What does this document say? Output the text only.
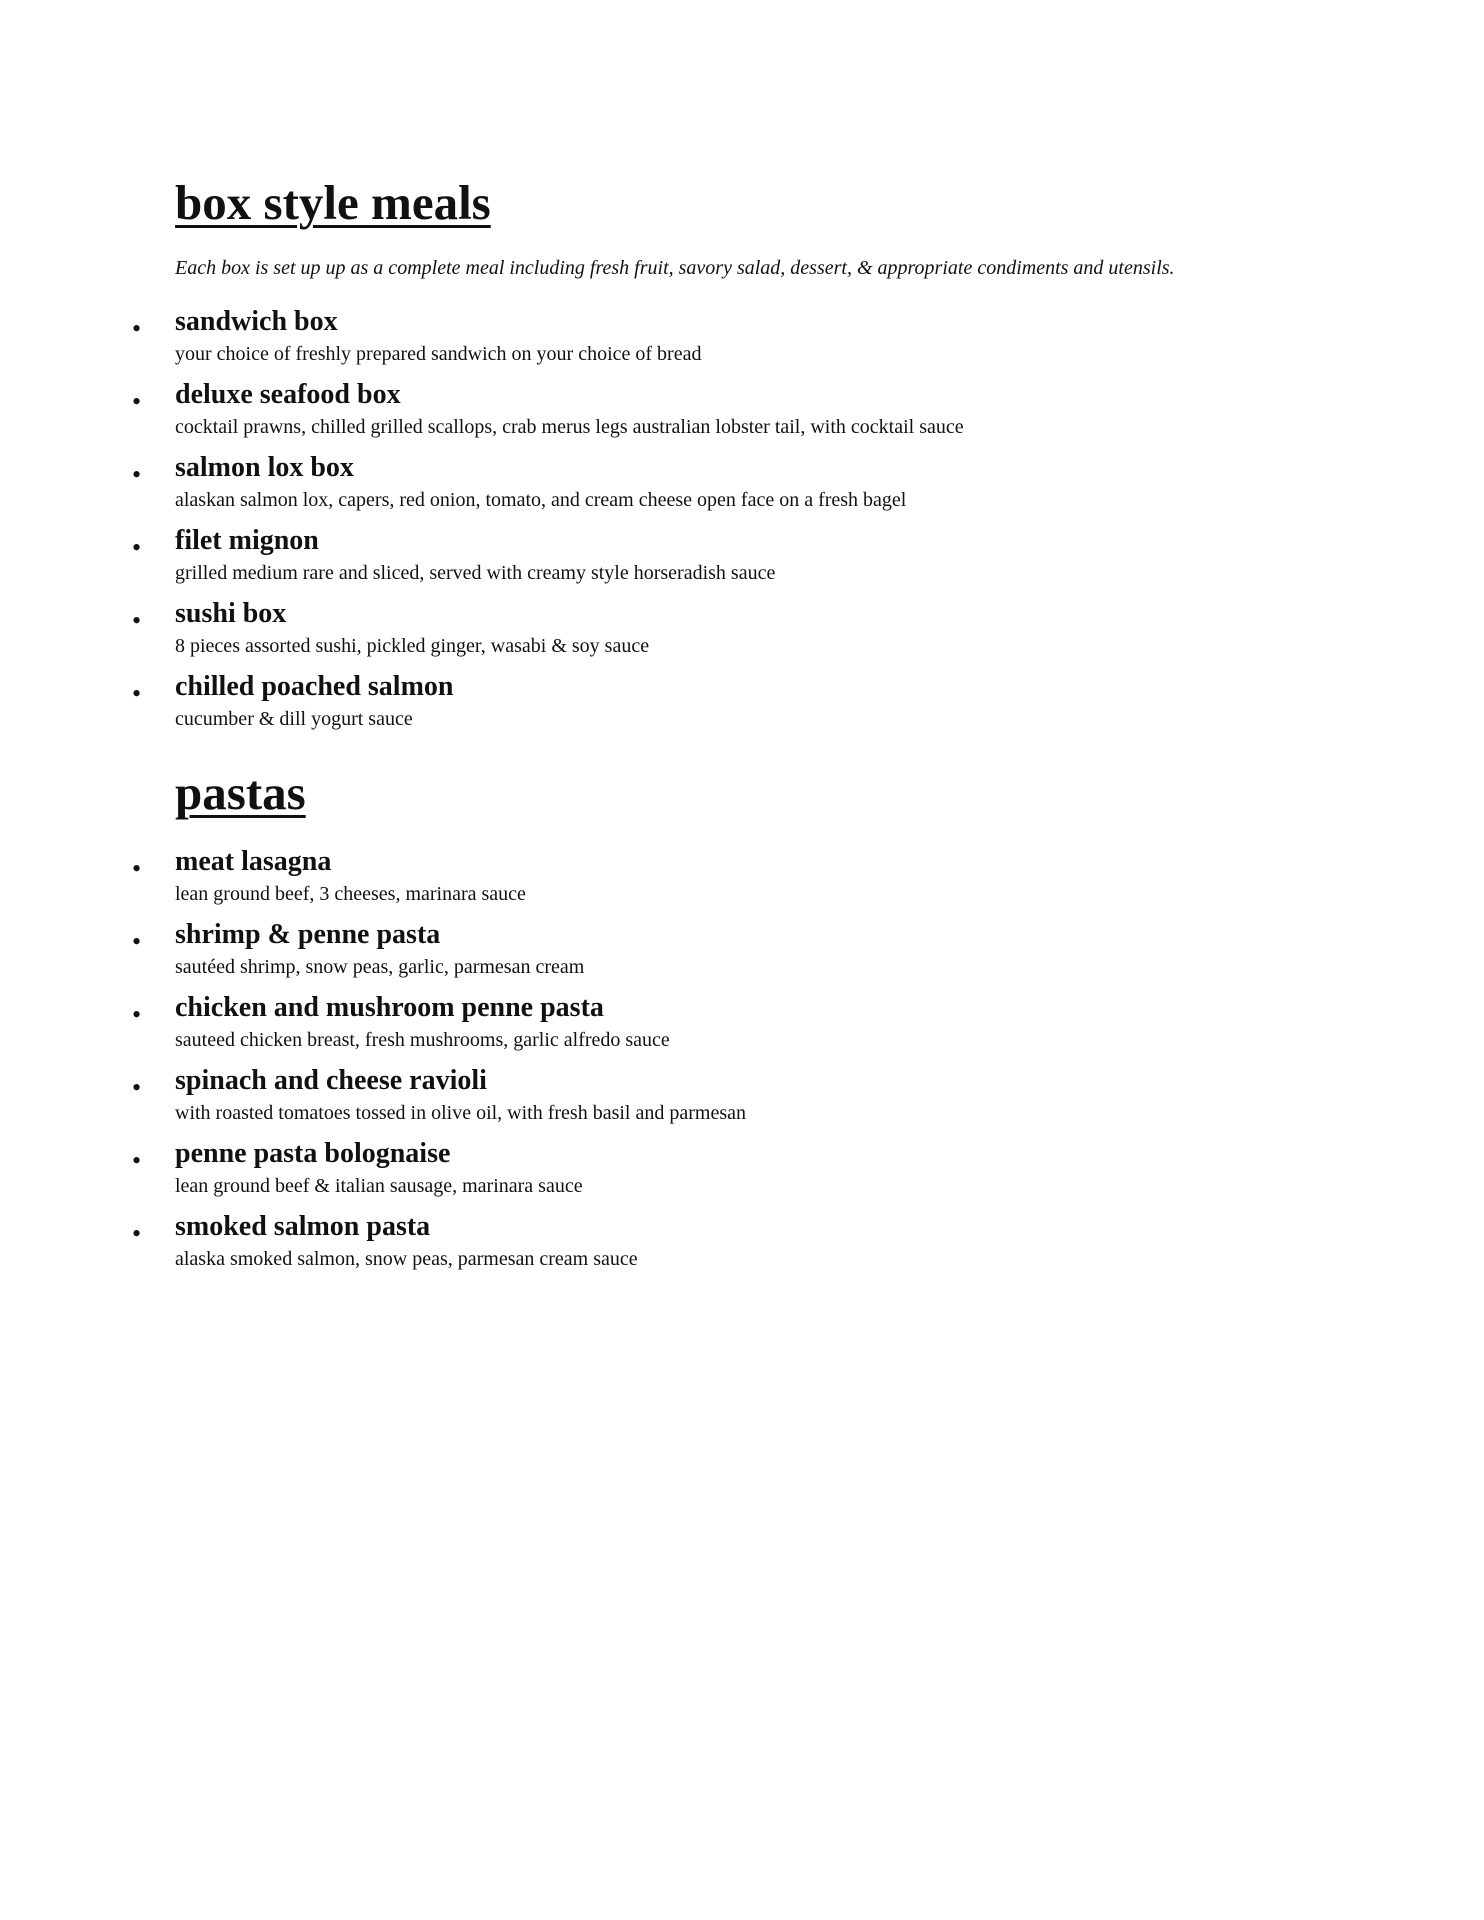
box style meals

Each box is set up up as a complete meal including fresh fruit, savory salad, dessert, & appropriate condiments and utensils.

• sandwich box
your choice of freshly prepared sandwich on your choice of bread
• deluxe seafood box
cocktail prawns, chilled grilled scallops, crab merus legs australian lobster tail, with cocktail sauce
• salmon lox box
alaskan salmon lox, capers, red onion, tomato, and cream cheese open face on a fresh bagel
• filet mignon
grilled medium rare and sliced, served with creamy style horseradish sauce
• sushi box
8 pieces assorted sushi, pickled ginger, wasabi & soy sauce
• chilled poached salmon
cucumber & dill yogurt sauce
pastas
• meat lasagna
lean ground beef, 3 cheeses, marinara sauce
• shrimp & penne pasta
sautéed shrimp, snow peas, garlic, parmesan cream
• chicken and mushroom penne pasta
sauteed chicken breast, fresh mushrooms, garlic alfredo sauce
• spinach and cheese ravioli
with roasted tomatoes tossed in olive oil, with fresh basil and parmesan
• penne pasta bolognaise
lean ground beef & italian sausage, marinara sauce
• smoked salmon pasta
alaska smoked salmon, snow peas, parmesan cream sauce
